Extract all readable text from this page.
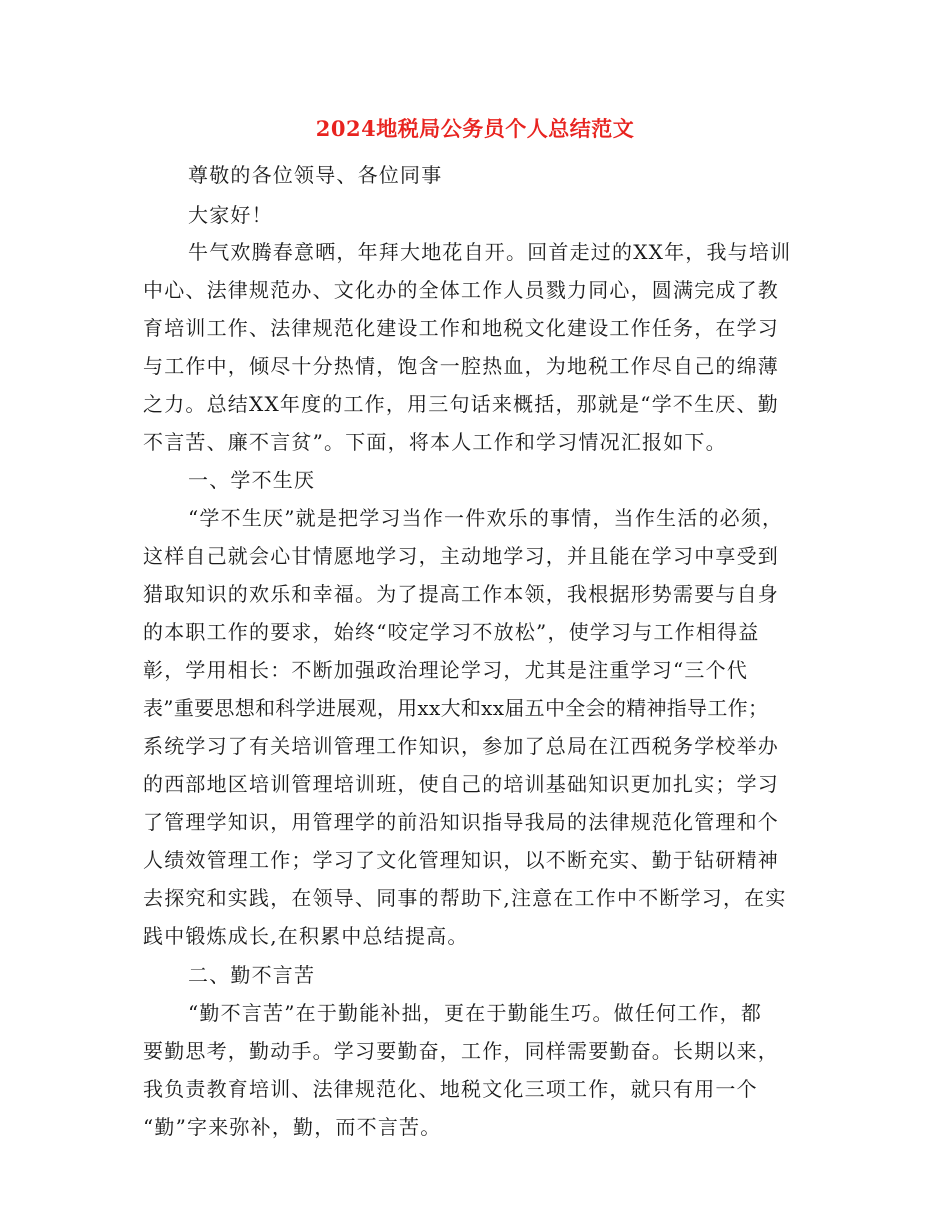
2024地税局公务员个人总结范文
尊敬的各位领导、各位同事
大家好！
牛气欢腾春意晒，年拜大地花自开。回首走过的XX年，我与培训
中心、法律规范办、文化办的全体工作人员戮力同心，圆满完成了教
育培训工作、法律规范化建设工作和地税文化建设工作任务，在学习
与工作中，倾尽十分热情，饱含一腔热血，为地税工作尽自己的绵薄
之力。总结XX年度的工作，用三句话来概括，那就是“学不生厌、勤
不言苦、廉不言贫”。下面，将本人工作和学习情况汇报如下。
一、学不生厌
“学不生厌”就是把学习当作一件欢乐的事情，当作生活的必须，
这样自己就会心甘情愿地学习，主动地学习，并且能在学习中享受到
猎取知识的欢乐和幸福。为了提高工作本领，我根据形势需要与自身
的本职工作的要求，始终“咬定学习不放松”，使学习与工作相得益
彰，学用相长：不断加强政治理论学习，尤其是注重学习“三个代
表”重要思想和科学进展观，用xx大和xx届五中全会的精神指导工作；
系统学习了有关培训管理工作知识，参加了总局在江西税务学校举办
的西部地区培训管理培训班，使自己的培训基础知识更加扎实；学习
了管理学知识，用管理学的前沿知识指导我局的法律规范化管理和个
人绩效管理工作；学习了文化管理知识，以不断充实、勤于钻研精神
去探究和实践，在领导、同事的帮助下,注意在工作中不断学习，在实
践中锻炼成长,在积累中总结提高。
二、勤不言苦
“勤不言苦”在于勤能补拙，更在于勤能生巧。做任何工作，都
要勤思考，勤动手。学习要勤奋，工作，同样需要勤奋。长期以来，
我负责教育培训、法律规范化、地税文化三项工作，就只有用一个
“勤”字来弥补，勤，而不言苦。
